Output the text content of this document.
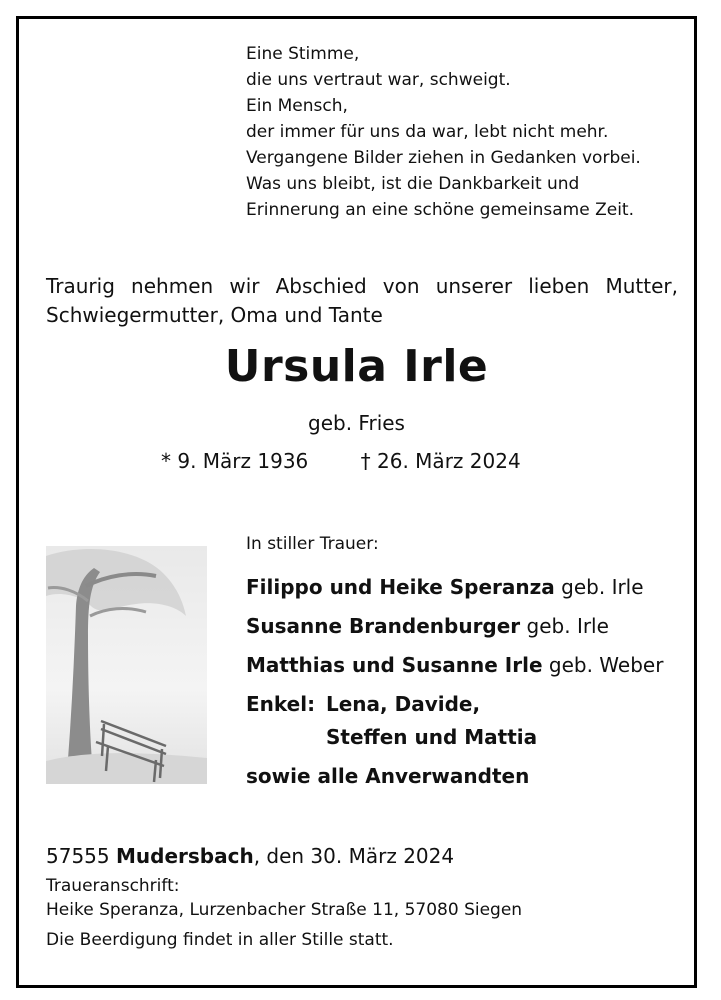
Eine Stimme,
die uns vertraut war, schweigt.
Ein Mensch,
der immer für uns da war, lebt nicht mehr.
Vergangene Bilder ziehen in Gedanken vorbei.
Was uns bleibt, ist die Dankbarkeit und
Erinnerung an eine schöne gemeinsame Zeit.
Traurig nehmen wir Abschied von unserer lieben Mutter,
Schwiegermutter, Oma und Tante
Ursula Irle
geb. Fries
* 9. März 1936	† 26. März 2024
In stiller Trauer:
Filippo und Heike Speranza geb. Irle
Susanne Brandenburger geb. Irle
Matthias und Susanne Irle geb. Weber
Enkel: Lena, Davide,
Steffen und Mattia
sowie alle Anverwandten
57555 Mudersbach, den 30. März 2024
Traueranschrift:
Heike Speranza, Lurzenbacher Straße 11, 57080 Siegen
Die Beerdigung findet in aller Stille statt.
